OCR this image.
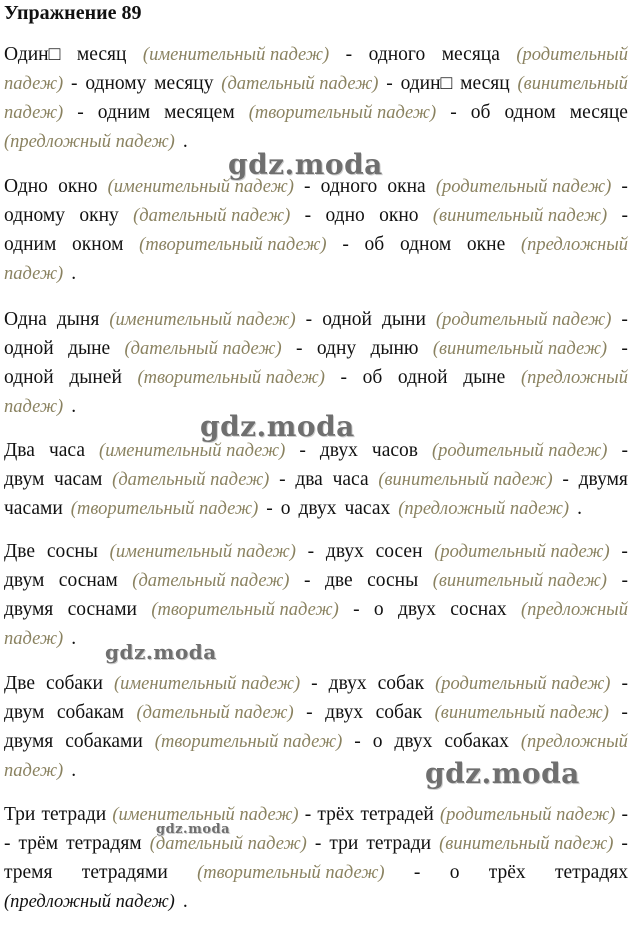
Упражнение 89
Один□ месяц (именительный падеж) - одного месяца (родительный
падеж) - одному месяцу (дательный падеж) - один□ месяц (винительный
падеж) - одним месяцем (творительный падеж) - об одном месяце
(предложный падеж) .
Одно окно (именительный падеж) - одного окна (родительный падеж) -
одному окну (дательный падеж) - одно окно (винительный падеж) -
одним окном (творительный падеж) - об одном окне (предложный
падеж) .
Одна дыня (именительный падеж) - одной дыни (родительный падеж) -
одной дыне (дательный падеж) - одну дыню (винительный падеж) -
одной дыней (творительный падеж) - об одной дыне (предложный
падеж) .
Два часа (именительный падеж) - двух часов (родительный падеж) -
двум часам (дательный падеж) - два часа (винительный падеж) - двумя
часами (творительный падеж) - о двух часах (предложный падеж) .
Две сосны (именительный падеж) - двух сосен (родительный падеж) -
двум соснам (дательный падеж) - две сосны (винительный падеж) -
двумя соснами (творительный падеж) - о двух соснах (предложный
падеж) .
Две собаки (именительный падеж) - двух собак (родительный падеж) -
двум собакам (дательный падеж) - двух собак (винительный падеж) -
двумя собаками (творительный падеж) - о двух собаках (предложный
падеж) .
Три тетради (именительный падеж) - трёх тетрадей (родительный падеж) -
- трём тетрадям (дательный падеж) - три тетради (винительный падеж) -
тремя тетрадями (творительный падеж) - о трёх тетрадях
(предложный падеж) .
gdz.moda
gdz.moda
gdz.moda
gdz.moda
gdz.moda
